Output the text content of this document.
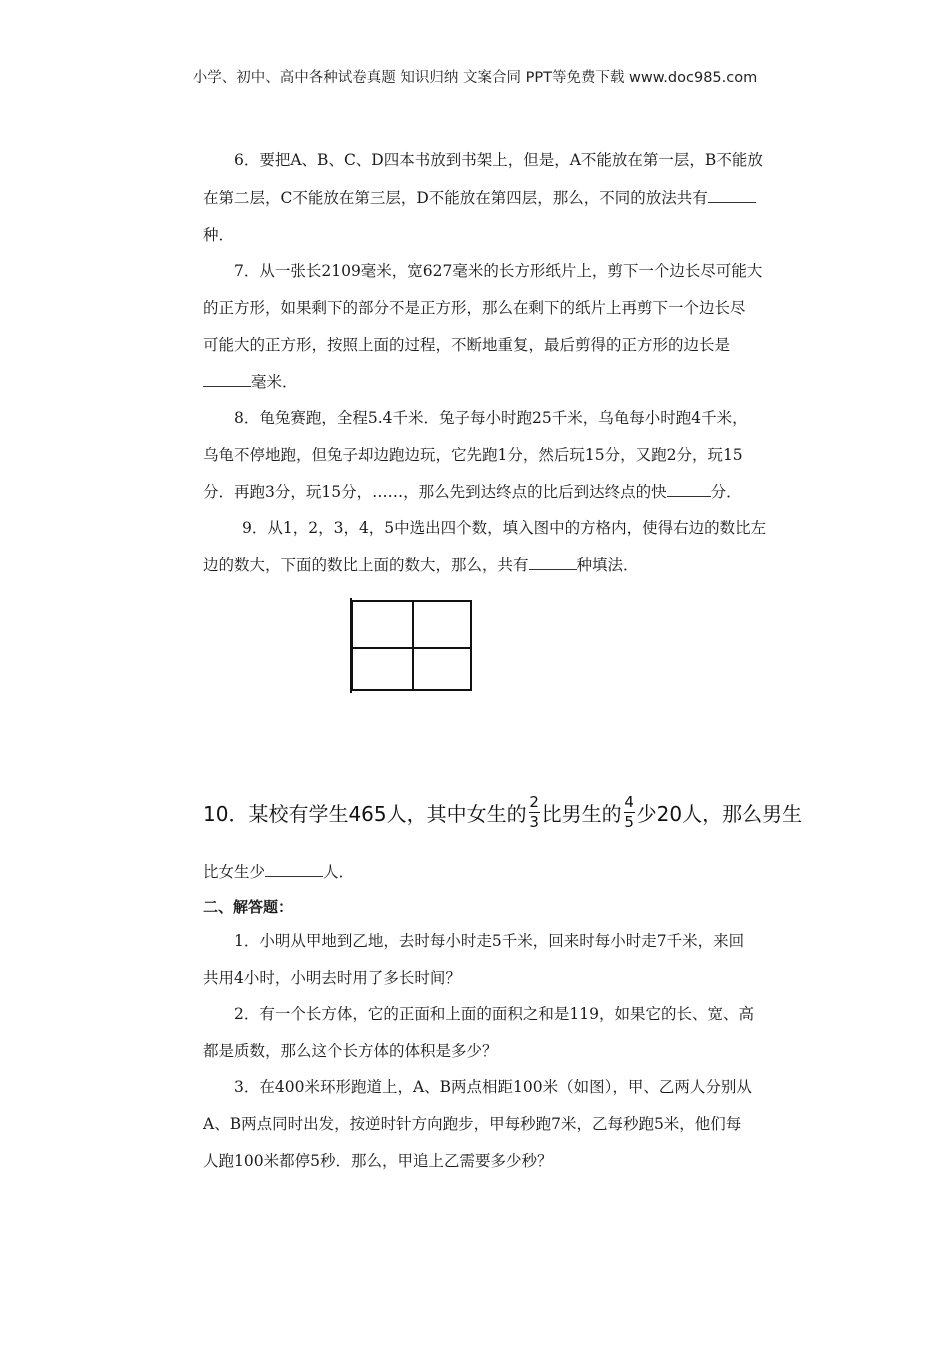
小学、初中、高中各种试卷真题 知识归纳 文案合同 PPT等免费下载 www.doc985.com
6．要把A、B、C、D四本书放到书架上，但是，A不能放在第一层，B不能放
在第二层，C不能放在第三层，D不能放在第四层，那么，不同的放法共有
种．
7．从一张长2109毫米，宽627毫米的长方形纸片上，剪下一个边长尽可能大
的正方形，如果剩下的部分不是正方形，那么在剩下的纸片上再剪下一个边长尽
可能大的正方形，按照上面的过程，不断地重复，最后剪得的正方形的边长是
毫米．
8．龟兔赛跑，全程5.4千米．兔子每小时跑25千米，乌龟每小时跑4千米，
乌龟不停地跑，但兔子却边跑边玩，它先跑1分，然后玩15分，又跑2分，玩15
分．再跑3分，玩15分，……，那么先到达终点的比后到达终点的快	分．
9．从1，2，3，4，5中选出四个数，填入图中的方格内，使得右边的数比左
边的数大，下面的数比上面的数大，那么，共有	种填法．
10．某校有学生465人，其中女生的 $\frac{2}{3}$ 比男生的 $\frac{4}{5}$ 少20人，那么男生
比女生少	人．
二、解答题：
1．小明从甲地到乙地，去时每小时走5千米，回来时每小时走7千米，来回
共用4小时，小明去时用了多长时间？
2．有一个长方体，它的正面和上面的面积之和是119，如果它的长、宽、高
都是质数，那么这个长方体的体积是多少？
3．在400米环形跑道上，A、B两点相距100米（如图），甲、乙两人分别从
A、B两点同时出发，按逆时针方向跑步，甲每秒跑7米，乙每秒跑5米，他们每
人跑100米都停5秒．那么，甲追上乙需要多少秒？
